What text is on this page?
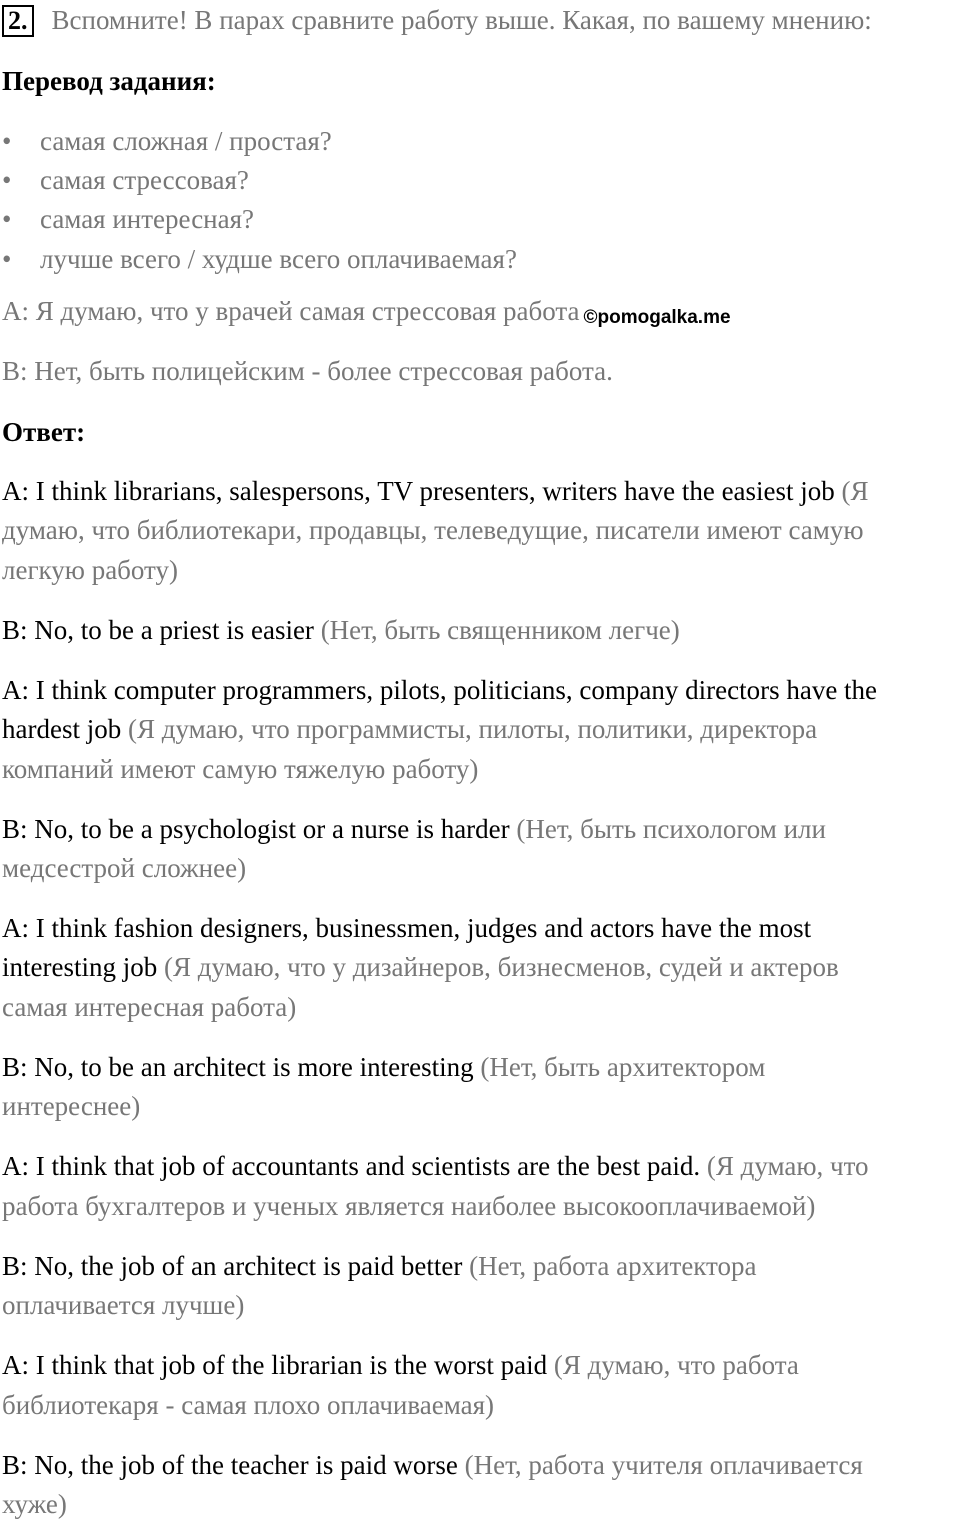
2. Вспомните! В парах сравните работу выше. Какая, по вашему мнению:
Перевод задания:
• самая сложная / простая?
• самая стрессовая?
• самая интересная?
• лучше всего / худше всего оплачиваемая?
А: Я думаю, что у врачей самая стрессовая работа ©pomogalka.me
В: Нет, быть полицейским - более стрессовая работа.
Ответ:
A: I think librarians, salespersons, TV presenters, writers have the easiest job (Я
думаю, что библиотекари, продавцы, телеведущие, писатели имеют самую
легкую работу)
B: No, to be a priest is easier (Нет, быть священником легче)
A: I think computer programmers, pilots, politicians, company directors have the
hardest job (Я думаю, что программисты, пилоты, политики, директора
компаний имеют самую тяжелую работу)
B: No, to be a psychologist or a nurse is harder (Нет, быть психологом или
медсестрой сложнее)
A: I think fashion designers, businessmen, judges and actors have the most
interesting job (Я думаю, что у дизайнеров, бизнесменов, судей и актеров
самая интересная работа)
B: No, to be an architect is more interesting (Нет, быть архитектором
интереснее)
A: I think that job of accountants and scientists are the best paid. (Я думаю, что
работа бухгалтеров и ученых является наиболее высокооплачиваемой)
B: No, the job of an architect is paid better (Нет, работа архитектора
оплачивается лучше)
A: I think that job of the librarian is the worst paid (Я думаю, что работа
библиотекаря - самая плохо оплачиваемая)
B: No, the job of the teacher is paid worse (Нет, работа учителя оплачивается
хуже)
